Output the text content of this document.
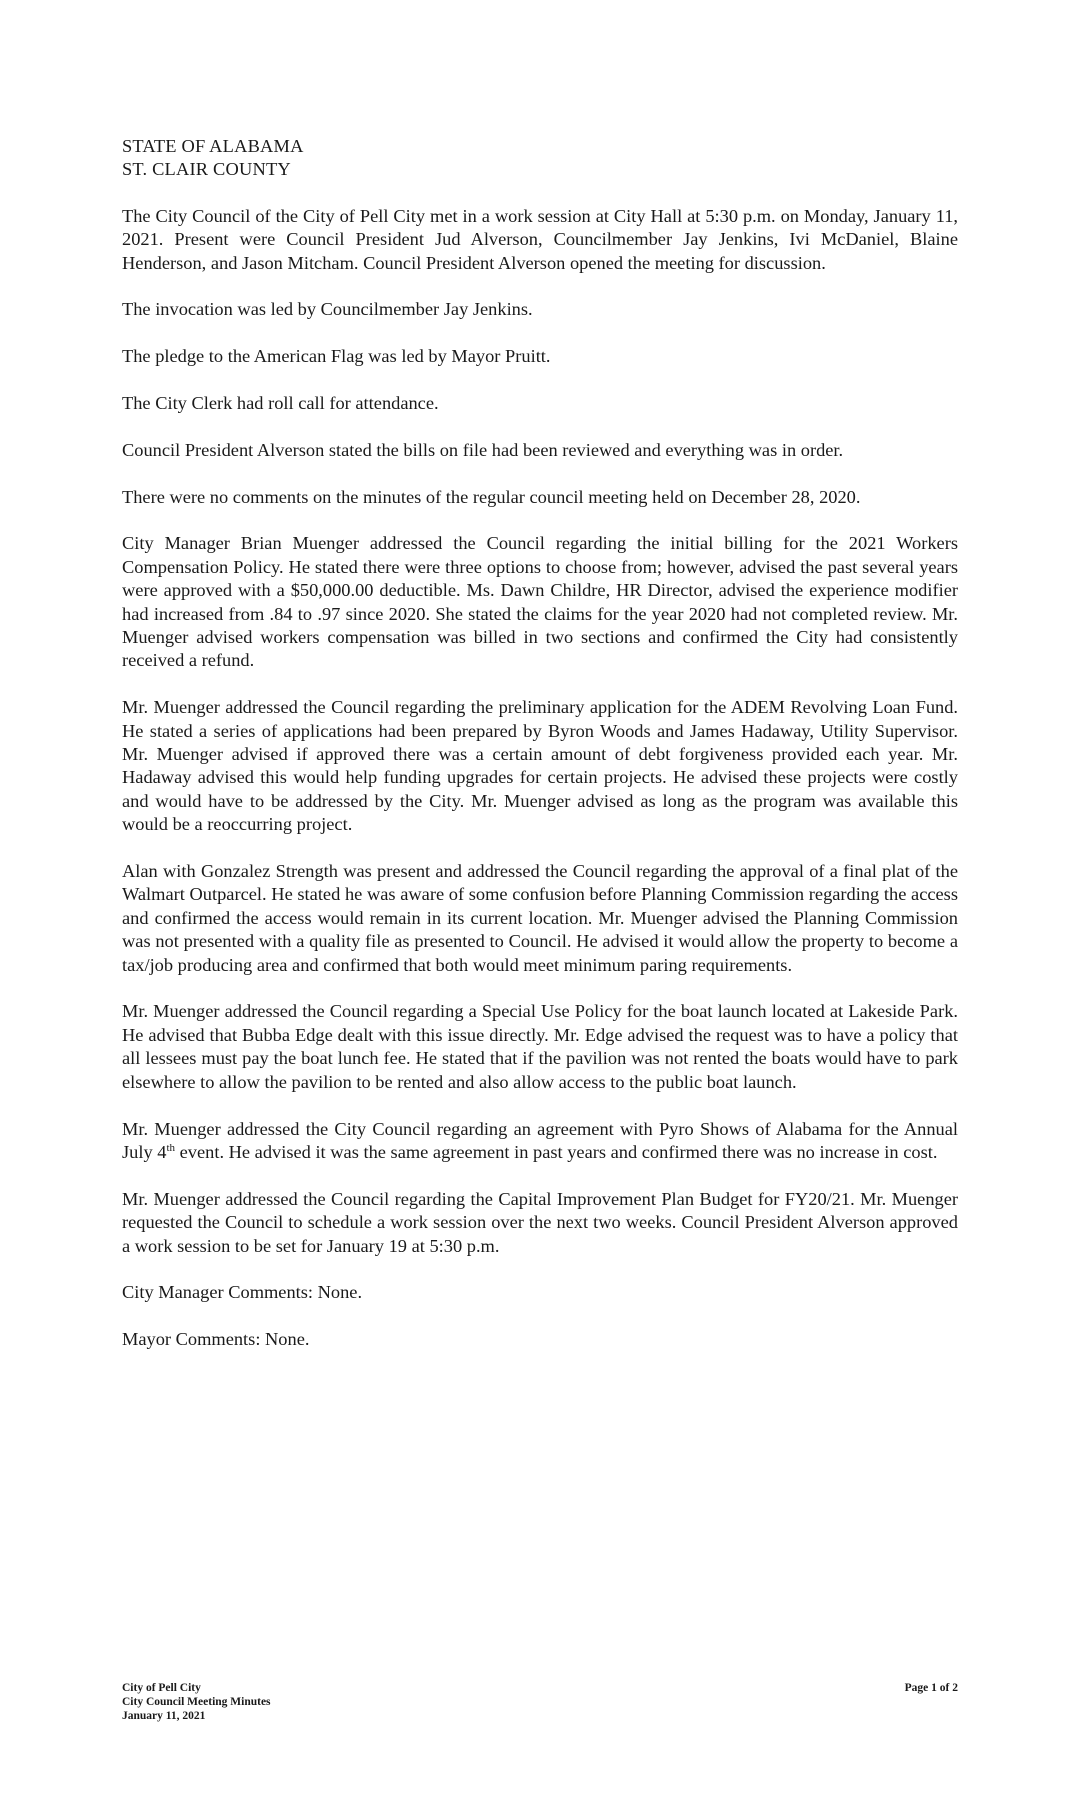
STATE OF ALABAMA
ST. CLAIR COUNTY

The City Council of the City of Pell City met in a work session at City Hall at 5:30 p.m. on Monday, January 11, 2021. Present were Council President Jud Alverson, Councilmember Jay Jenkins, Ivi McDaniel, Blaine Henderson, and Jason Mitcham. Council President Alverson opened the meeting for discussion.

The invocation was led by Councilmember Jay Jenkins.

The pledge to the American Flag was led by Mayor Pruitt.

The City Clerk had roll call for attendance.

Council President Alverson stated the bills on file had been reviewed and everything was in order.

There were no comments on the minutes of the regular council meeting held on December 28, 2020.

City Manager Brian Muenger addressed the Council regarding the initial billing for the 2021 Workers Compensation Policy. He stated there were three options to choose from; however, advised the past several years were approved with a $50,000.00 deductible. Ms. Dawn Childre, HR Director, advised the experience modifier had increased from .84 to .97 since 2020. She stated the claims for the year 2020 had not completed review. Mr. Muenger advised workers compensation was billed in two sections and confirmed the City had consistently received a refund.

Mr. Muenger addressed the Council regarding the preliminary application for the ADEM Revolving Loan Fund. He stated a series of applications had been prepared by Byron Woods and James Hadaway, Utility Supervisor. Mr. Muenger advised if approved there was a certain amount of debt forgiveness provided each year. Mr. Hadaway advised this would help funding upgrades for certain projects. He advised these projects were costly and would have to be addressed by the City. Mr. Muenger advised as long as the program was available this would be a reoccurring project.

Alan with Gonzalez Strength was present and addressed the Council regarding the approval of a final plat of the Walmart Outparcel. He stated he was aware of some confusion before Planning Commission regarding the access and confirmed the access would remain in its current location. Mr. Muenger advised the Planning Commission was not presented with a quality file as presented to Council. He advised it would allow the property to become a tax/job producing area and confirmed that both would meet minimum paring requirements.

Mr. Muenger addressed the Council regarding a Special Use Policy for the boat launch located at Lakeside Park. He advised that Bubba Edge dealt with this issue directly. Mr. Edge advised the request was to have a policy that all lessees must pay the boat lunch fee. He stated that if the pavilion was not rented the boats would have to park elsewhere to allow the pavilion to be rented and also allow access to the public boat launch.

Mr. Muenger addressed the City Council regarding an agreement with Pyro Shows of Alabama for the Annual July 4th event. He advised it was the same agreement in past years and confirmed there was no increase in cost.

Mr. Muenger addressed the Council regarding the Capital Improvement Plan Budget for FY20/21. Mr. Muenger requested the Council to schedule a work session over the next two weeks. Council President Alverson approved a work session to be set for January 19 at 5:30 p.m.

City Manager Comments: None.

Mayor Comments: None.

City of Pell City
City Council Meeting Minutes
January 11, 2021
Page 1 of 2
